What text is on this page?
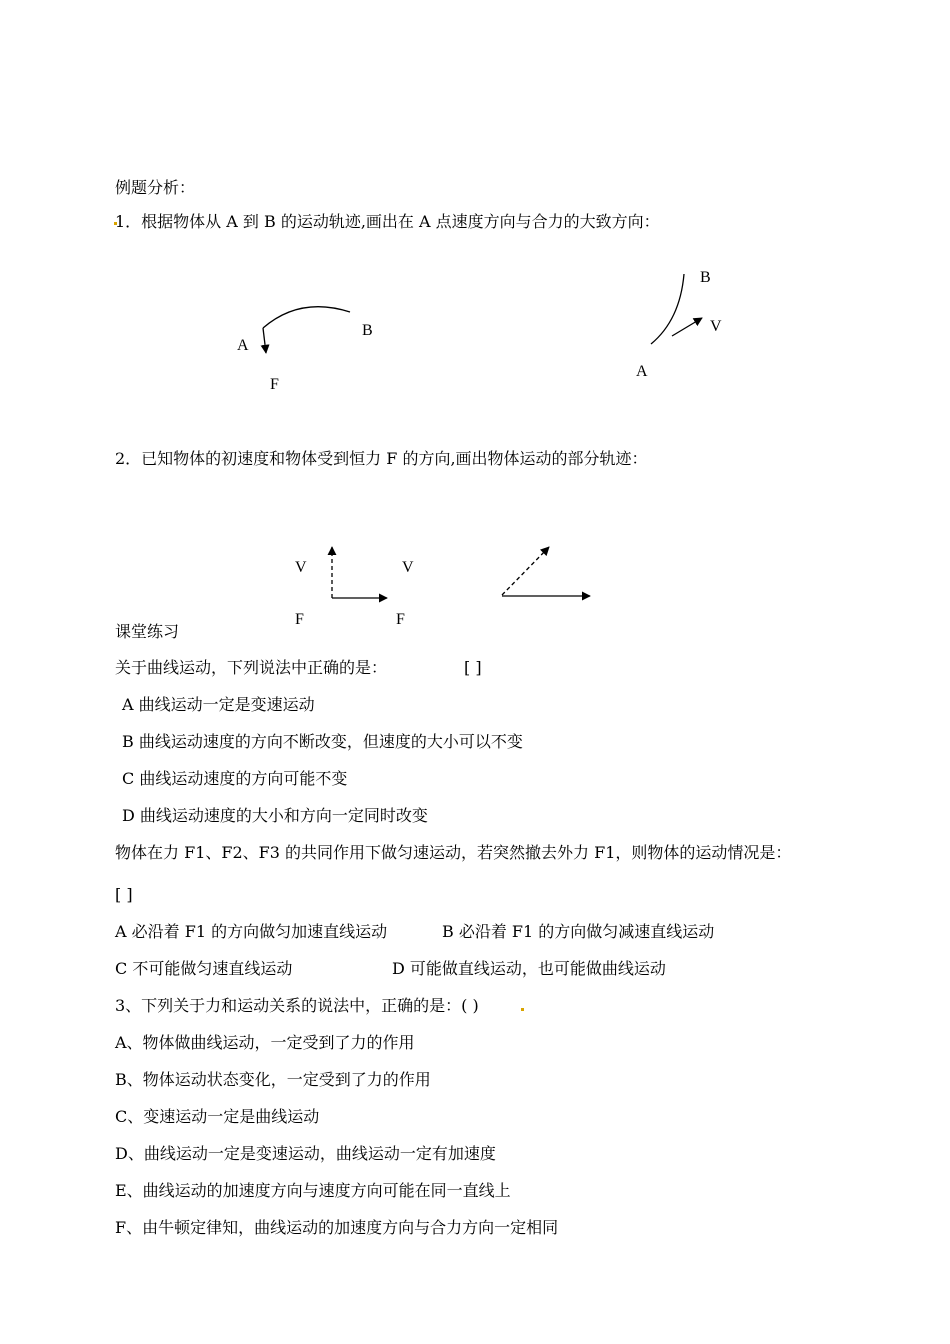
例题分析：
1．根据物体从 A 到 B 的运动轨迹,画出在 A 点速度方向与合力的大致方向：
A
B
F
B
V
A
2．已知物体的初速度和物体受到恒力 F 的方向,画出物体运动的部分轨迹：
V
F
V
F
课堂练习
关于曲线运动，下列说法中正确的是：	[ ]
A 曲线运动一定是变速运动
B 曲线运动速度的方向不断改变，但速度的大小可以不变
C 曲线运动速度的方向可能不变
D 曲线运动速度的大小和方向一定同时改变
物体在力 F1、F2、F3 的共同作用下做匀速运动，若突然撤去外力 F1，则物体的运动情况是：
[ ]
A 必沿着 F1 的方向做匀加速直线运动	B 必沿着 F1 的方向做匀减速直线运动
C 不可能做匀速直线运动	D 可能做直线运动，也可能做曲线运动
3、下列关于力和运动关系的说法中，正确的是：( )
A、物体做曲线运动，一定受到了力的作用
B、物体运动状态变化，一定受到了力的作用
C、变速运动一定是曲线运动
D、曲线运动一定是变速运动，曲线运动一定有加速度
E、曲线运动的加速度方向与速度方向可能在同一直线上
F、由牛顿定律知，曲线运动的加速度方向与合力方向一定相同
